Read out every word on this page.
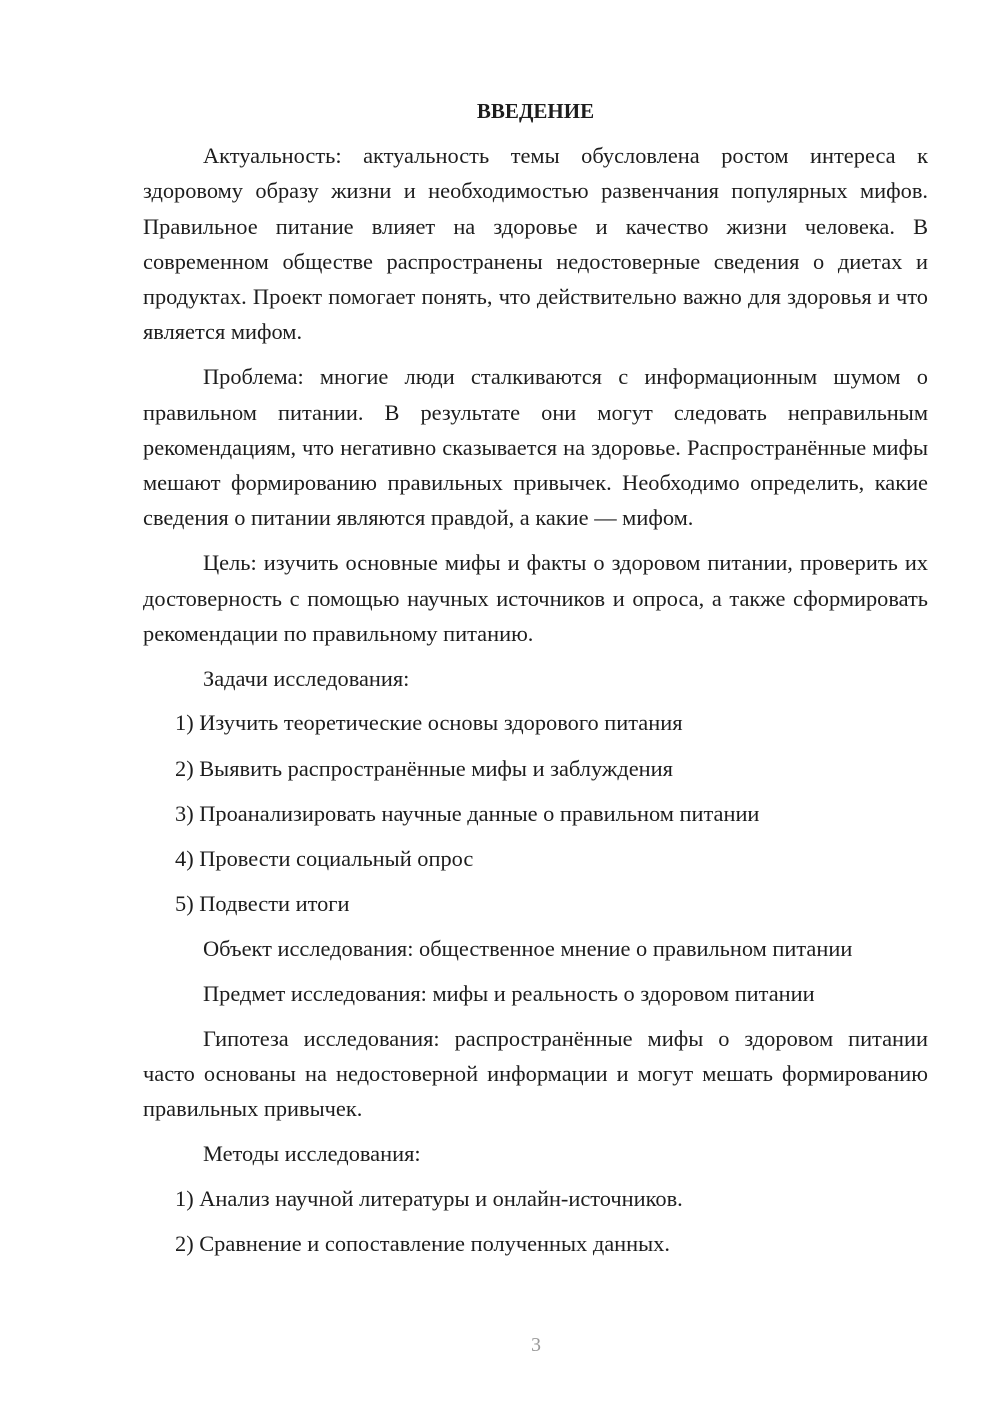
ВВЕДЕНИЕ
Актуальность: актуальность темы обусловлена ростом интереса к здоровому образу жизни и необходимостью развенчания популярных мифов. Правильное питание влияет на здоровье и качество жизни человека. В современном обществе распространены недостоверные сведения о диетах и продуктах. Проект помогает понять, что действительно важно для здоровья и что является мифом.
Проблема: многие люди сталкиваются с информационным шумом о правильном питании. В результате они могут следовать неправильным рекомендациям, что негативно сказывается на здоровье. Распространённые мифы мешают формированию правильных привычек. Необходимо определить, какие сведения о питании являются правдой, а какие — мифом.
Цель: изучить основные мифы и факты о здоровом питании, проверить их достоверность с помощью научных источников и опроса, а также сформировать рекомендации по правильному питанию.
Задачи исследования:
1) Изучить теоретические основы здорового питания
2) Выявить распространённые мифы и заблуждения
3) Проанализировать научные данные о правильном питании
4) Провести социальный опрос
5) Подвести итоги
Объект исследования: общественное мнение о правильном питании
Предмет исследования: мифы и реальность о здоровом питании
Гипотеза исследования: распространённые мифы о здоровом питании часто основаны на недостоверной информации и могут мешать формированию правильных привычек.
Методы исследования:
1) Анализ научной литературы и онлайн-источников.
2) Сравнение и сопоставление полученных данных.
3
